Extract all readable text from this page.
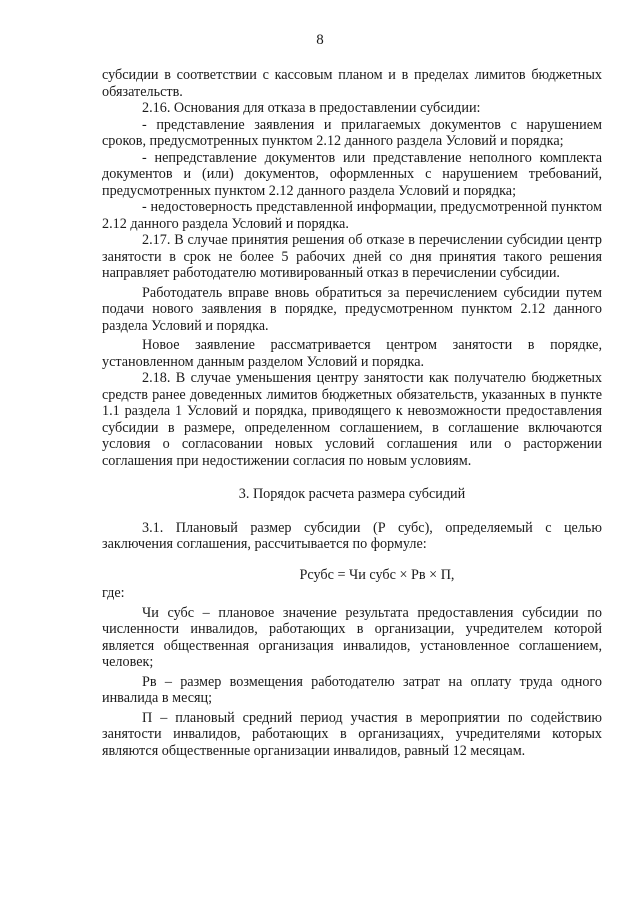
8

субсидии в соответствии с кассовым планом и в пределах лимитов бюджетных обязательств.

2.16. Основания для отказа в предоставлении субсидии:

- представление заявления и прилагаемых документов с нарушением сроков, предусмотренных пунктом 2.12 данного раздела Условий и порядка;

- непредставление документов или представление неполного комплекта документов и (или) документов, оформленных с нарушением требований, предусмотренных пунктом 2.12 данного раздела Условий и порядка;

- недостоверность представленной информации, предусмотренной пунктом 2.12 данного раздела Условий и порядка.

2.17. В случае принятия решения об отказе в перечислении субсидии центр занятости в срок не более 5 рабочих дней со дня принятия такого решения направляет работодателю мотивированный отказ в перечислении субсидии.

Работодатель вправе вновь обратиться за перечислением субсидии путем подачи нового заявления в порядке, предусмотренном пунктом 2.12 данного раздела Условий и порядка.

Новое заявление рассматривается центром занятости в порядке, установленном данным разделом Условий и порядка.

2.18. В случае уменьшения центру занятости как получателю бюджетных средств ранее доведенных лимитов бюджетных обязательств, указанных в пункте 1.1 раздела 1 Условий и порядка, приводящего к невозможности предоставления субсидии в размере, определенном соглашением, в соглашение включаются условия о согласовании новых условий соглашения или о расторжении соглашения при недостижении согласия по новым условиям.

3. Порядок расчета размера субсидий

3.1. Плановый размер субсидии (Р субс), определяемый с целью заключения соглашения, рассчитывается по формуле:

Рсубс = Чи субс × Рв × П,

где:

Чи субс – плановое значение результата предоставления субсидии по численности инвалидов, работающих в организации, учредителем которой является общественная организация инвалидов, установленное соглашением, человек;

Рв – размер возмещения работодателю затрат на оплату труда одного инвалида в месяц;

П – плановый средний период участия в мероприятии по содействию занятости инвалидов, работающих в организациях, учредителями которых являются общественные организации инвалидов, равный 12 месяцам.
